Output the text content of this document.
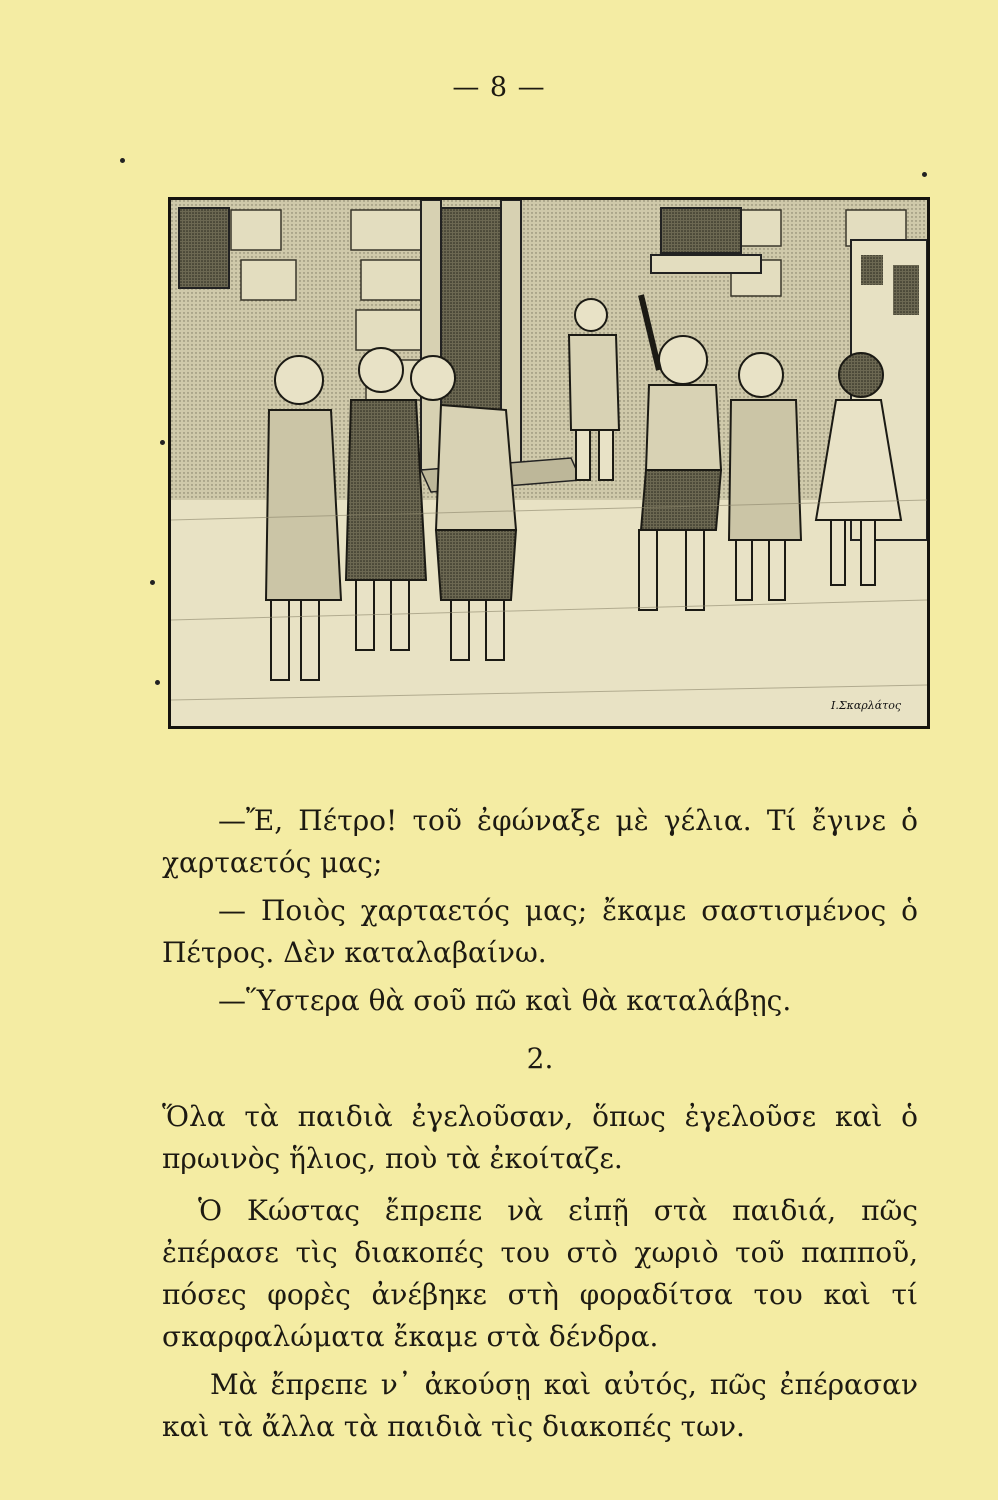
— 8 —

Ι.Σκαρλάτος

—Ἔ, Πέτρο! τοῦ ἐφώναξε μὲ γέλια. Τί ἔγινε ὁ χαρταετός μας;

— Ποιὸς χαρταετός μας; ἔκαμε σαστισμένος ὁ Πέτρος. Δὲν καταλαβαίνω.

—Ὕστερα θὰ σοῦ πῶ καὶ θὰ καταλάβῃς.

2.

Ὅλα τὰ παιδιὰ ἐγελοῦσαν, ὅπως ἐγελοῦσε καὶ ὁ πρωινὸς ἥλιος, ποὺ τὰ ἐκοίταζε.

Ὁ Κώστας ἔπρεπε νὰ εἰπῇ στὰ παιδιά, πῶς ἐπέρασε τὶς διακοπές του στὸ χωριὸ τοῦ παπποῦ, πόσες φορὲς ἀνέβηκε στὴ φοραδίτσα του καὶ τί σκαρφαλώματα ἔκαμε στὰ δένδρα.

Μὰ ἔπρεπε ν᾽ ἀκούσῃ καὶ αὐτός, πῶς ἐπέρασαν καὶ τὰ ἄλλα τὰ παιδιὰ τὶς διακοπές των.
